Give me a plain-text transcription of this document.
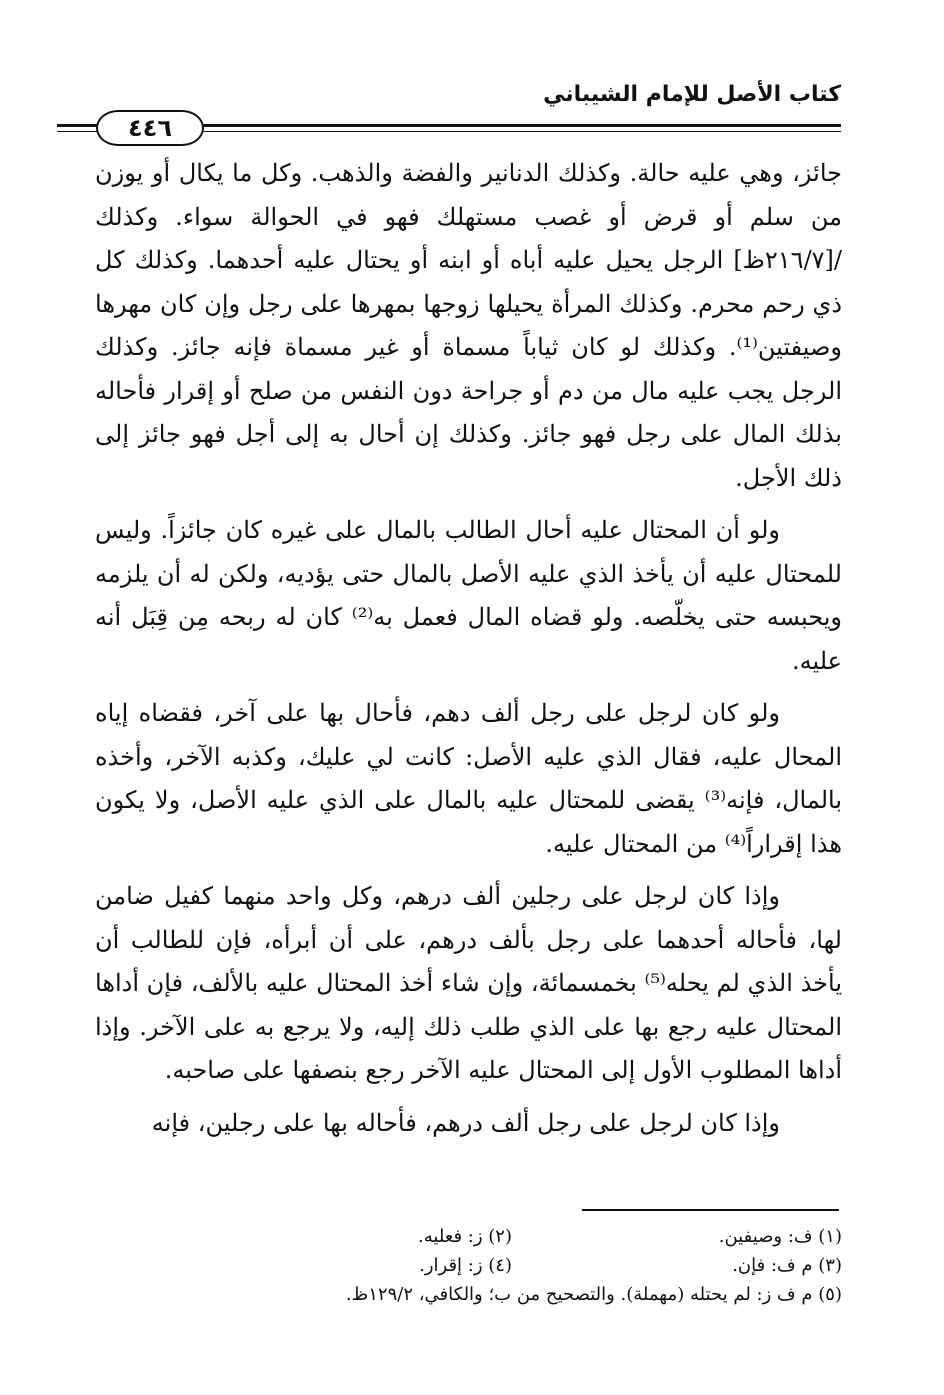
كتاب الأصل للإمام الشيباني
٤٤٦

جائز، وهي عليه حالة. وكذلك الدنانير والفضة والذهب. وكل ما يكال أو يوزن من سلم أو قرض أو غصب مستهلك فهو في الحوالة سواء. وكذلك /[٢١٦/٧ظ] الرجل يحيل عليه أباه أو ابنه أو يحتال عليه أحدهما. وكذلك كل ذي رحم محرم. وكذلك المرأة يحيلها زوجها بمهرها على رجل وإن كان مهرها وصيفتين⁽¹⁾. وكذلك لو كان ثياباً مسماة أو غير مسماة فإنه جائز. وكذلك الرجل يجب عليه مال من دم أو جراحة دون النفس من صلح أو إقرار فأحاله بذلك المال على رجل فهو جائز. وكذلك إن أحال به إلى أجل فهو جائز إلى ذلك الأجل.

ولو أن المحتال عليه أحال الطالب بالمال على غيره كان جائزاً. وليس للمحتال عليه أن يأخذ الذي عليه الأصل بالمال حتى يؤديه، ولكن له أن يلزمه ويحبسه حتى يخلّصه. ولو قضاه المال فعمل به⁽²⁾ كان له ربحه مِن قِبَل أنه عليه.

ولو كان لرجل على رجل ألف دهم، فأحال بها على آخر، فقضاه إياه المحال عليه، فقال الذي عليه الأصل: كانت لي عليك، وكذبه الآخر، وأخذه بالمال، فإنه⁽³⁾ يقضى للمحتال عليه بالمال على الذي عليه الأصل، ولا يكون هذا إقراراً⁽⁴⁾ من المحتال عليه.

وإذا كان لرجل على رجلين ألف درهم، وكل واحد منهما كفيل ضامن لها، فأحاله أحدهما على رجل بألف درهم، على أن أبرأه، فإن للطالب أن يأخذ الذي لم يحله⁽⁵⁾ بخمسمائة، وإن شاء أخذ المحتال عليه بالألف، فإن أداها المحتال عليه رجع بها على الذي طلب ذلك إليه، ولا يرجع به على الآخر. وإذا أداها المطلوب الأول إلى المحتال عليه الآخر رجع بنصفها على صاحبه.

وإذا كان لرجل على رجل ألف درهم، فأحاله بها على رجلين، فإنه

(١) ف: وصيفين.
(٢) ز: فعليه.
(٣) م ف: فإن.
(٤) ز: إقرار.
(٥) م ف ز: لم يحتله (مهملة). والتصحيح من ب؛ والكافي، ١٢٩/٢ظ.
